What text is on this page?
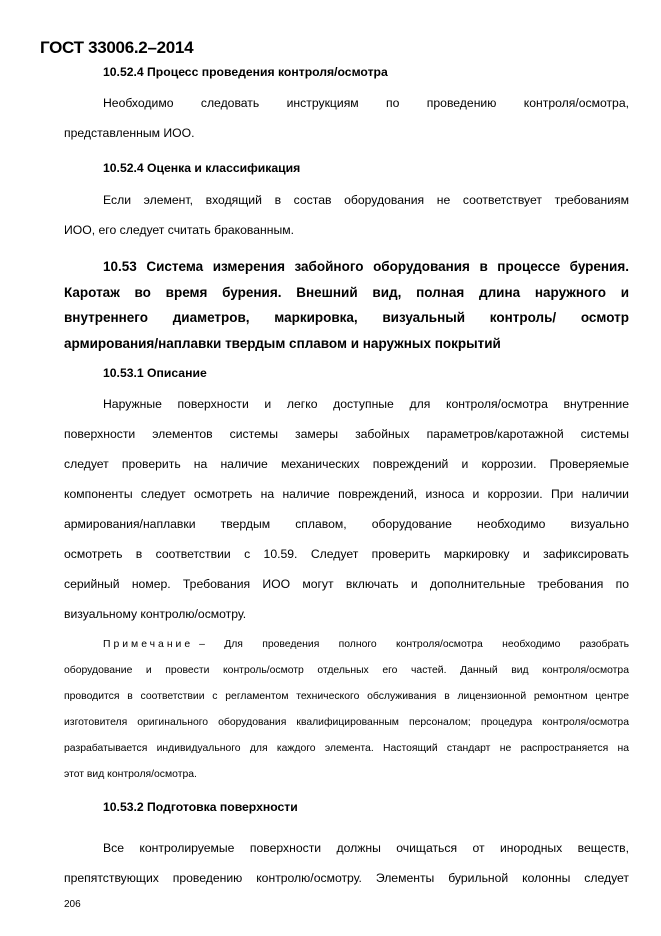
ГОСТ 33006.2–2014
10.52.4 Процесс проведения контроля/осмотра
Необходимо следовать инструкциям по проведению контроля/осмотра,
представленным ИОО.
10.52.4 Оценка и классификация
Если элемент, входящий в состав оборудования не соответствует требованиям
ИОО, его следует считать бракованным.
10.53 Система измерения забойного оборудования в процессе бурения.
Каротаж во время бурения. Внешний вид, полная длина наружного и
внутреннего диаметров, маркировка, визуальный контроль/ осмотр
армирования/наплавки твердым сплавом и наружных покрытий
10.53.1 Описание
Наружные поверхности и легко доступные для контроля/осмотра внутренние
поверхности элементов системы замеры забойных параметров/каротажной системы
следует проверить на наличие механических повреждений и коррозии. Проверяемые
компоненты следует осмотреть на наличие повреждений, износа и коррозии. При наличии
армирования/наплавки твердым сплавом, оборудование необходимо визуально
осмотреть в соответствии с 10.59. Следует проверить маркировку и зафиксировать
серийный номер. Требования ИОО могут включать и дополнительные требования по
визуальному контролю/осмотру.
Примечание – Для проведения полного контроля/осмотра необходимо разобрать
оборудование и провести контроль/осмотр отдельных его частей. Данный вид контроля/осмотра
проводится в соответствии с регламентом технического обслуживания в лицензионной ремонтном центре
изготовителя оригинального оборудования квалифицированным персоналом; процедура контроля/осмотра
разрабатывается индивидуального для каждого элемента. Настоящий стандарт не распространяется на
этот вид контроля/осмотра.
10.53.2 Подготовка поверхности
Все контролируемые поверхности должны очищаться от инородных веществ,
препятствующих проведению контролю/осмотру. Элементы бурильной колонны следует
206
